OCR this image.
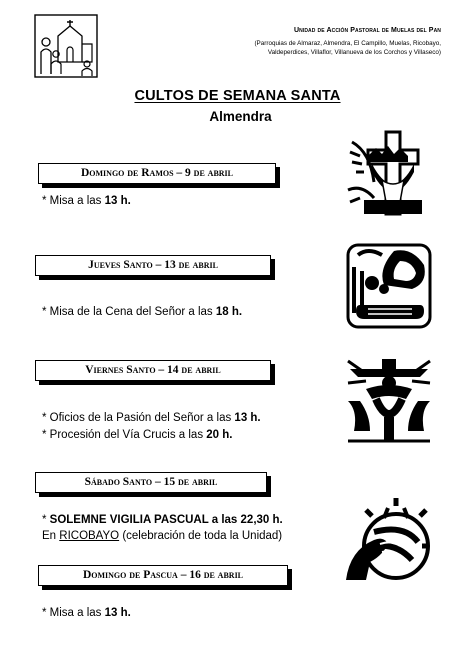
Unidad de Acción Pastoral de Muelas del Pan
(Parroquias de Almaraz, Almendra, El Campillo, Muelas, Ricobayo,
Valdeperdices, Villaflor, Villanueva de los Corchos y Villaseco)
CULTOS DE SEMANA SANTA
Almendra
Domingo de Ramos – 9 de abril
* Misa a las 13 h.
Jueves Santo – 13 de abril
* Misa de la Cena del Señor a las 18 h.
Viernes Santo – 14 de abril
* Oficios de la Pasión del Señor a las 13 h.
* Procesión del Vía Crucis a las 20 h.
Sábado Santo – 15 de abril
* SOLEMNE VIGILIA PASCUAL a las 22,30 h.
En RICOBAYO (celebración de toda la Unidad)
Domingo de Pascua – 16 de abril
* Misa a las 13 h.
